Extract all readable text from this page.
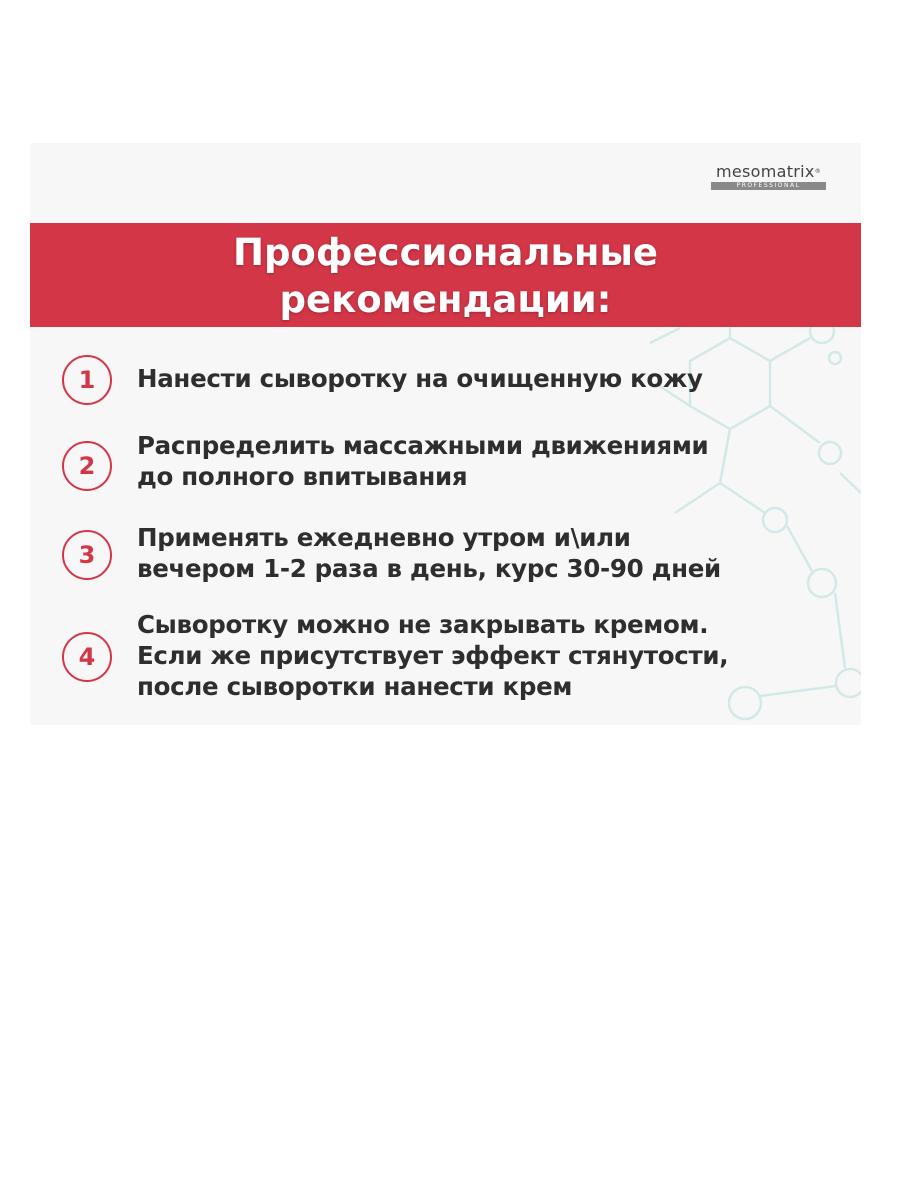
mesomatrix®
PROFESSIONAL
Профессиональные
рекомендации:
1	Нанести сыворотку на очищенную кожу
2
Распределить массажными движениями
до полного впитывания
3
Применять ежедневно утром и\или
вечером 1-2 раза в день, курс 30-90 дней
4
Сыворотку можно не закрывать кремом.
Если же присутствует эффект стянутости,
после сыворотки нанести крем
